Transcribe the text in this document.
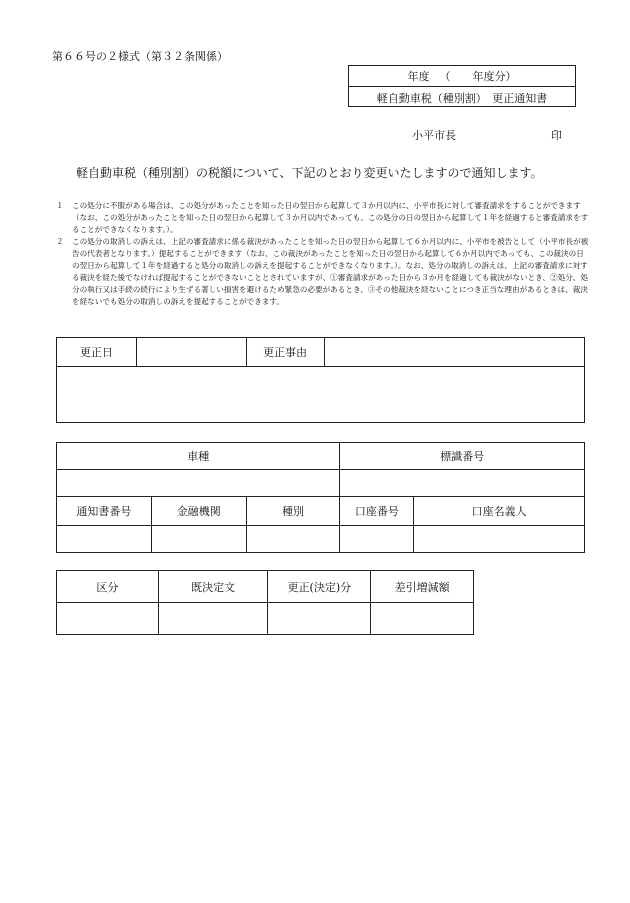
第６６号の２様式（第３２条関係）
年度 （　　年度分）
軽自動車税（種別割）　更正通知書
小平市長	印
軽自動車税（種別割）の税額について、下記のとおり変更いたしますので通知します。

１ この処分に不服がある場合は、この処分があったことを知った日の翌日から起算して３か月以内に、小平市長に対して審査請求をすることができます（なお、この処分があったことを知った日の翌日から起算して３か月以内であっても、この処分の日の翌日から起算して１年を経過すると審査請求をすることができなくなります。）。

２ この処分の取消しの訴えは、上記の審査請求に係る裁決があったことを知った日の翌日から起算して６か月以内に、小平市を被告として（小平市長が被告の代表者となります。）提起することができます（なお、この裁決があったことを知った日の翌日から起算して６か月以内であっても、この裁決の日の翌日から起算して１年を経過すると処分の取消しの訴えを提起することができなくなります。）。なお、処分の取消しの訴えは、上記の審査請求に対する裁決を経た後でなければ提起することができないこととされていますが、①審査請求があった日から３か月を経過しても裁決がないとき、②処分、処分の執行又は手続の続行により生ずる著しい損害を避けるため緊急の必要があるとき、③その他裁決を経ないことにつき正当な理由があるときは、裁決を経ないでも処分の取消しの訴えを提起することができます。

更正日		更正事由	

車種			標識番号	

通知書番号	金融機関	種別	口座番号	口座名義人

区分	既決定文	更正(決定)分	差引増減額
